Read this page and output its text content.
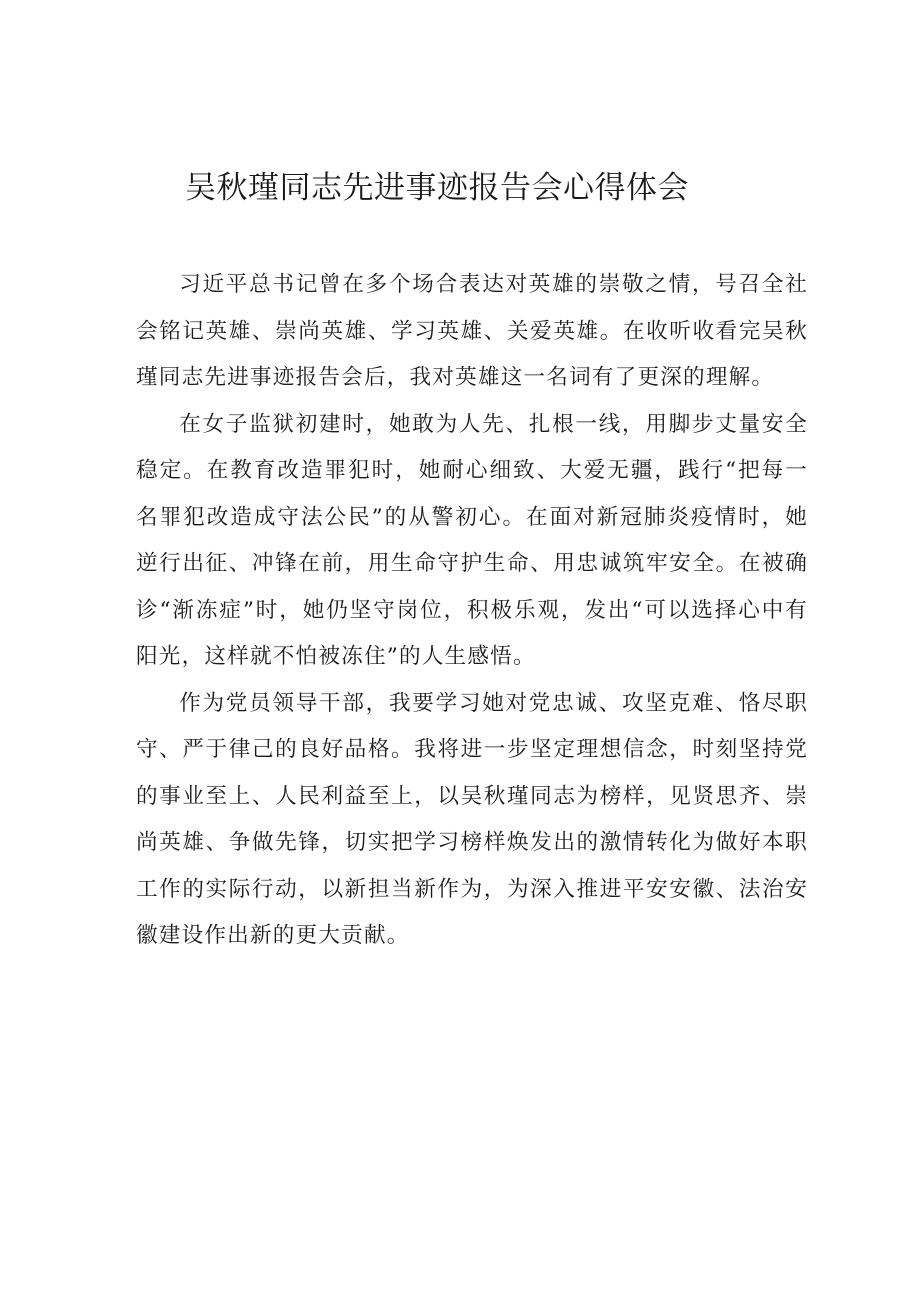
吴秋瑾同志先进事迹报告会心得体会

习近平总书记曾在多个场合表达对英雄的崇敬之情，号召全社会铭记英雄、崇尚英雄、学习英雄、关爱英雄。在收听收看完吴秋瑾同志先进事迹报告会后，我对英雄这一名词有了更深的理解。

在女子监狱初建时，她敢为人先、扎根一线，用脚步丈量安全稳定。在教育改造罪犯时，她耐心细致、大爱无疆，践行“把每一名罪犯改造成守法公民”的从警初心。在面对新冠肺炎疫情时，她逆行出征、冲锋在前，用生命守护生命、用忠诚筑牢安全。在被确诊“渐冻症”时，她仍坚守岗位，积极乐观，发出“可以选择心中有阳光，这样就不怕被冻住”的人生感悟。

作为党员领导干部，我要学习她对党忠诚、攻坚克难、恪尽职守、严于律己的良好品格。我将进一步坚定理想信念，时刻坚持党的事业至上、人民利益至上，以吴秋瑾同志为榜样，见贤思齐、崇尚英雄、争做先锋，切实把学习榜样焕发出的激情转化为做好本职工作的实际行动，以新担当新作为，为深入推进平安安徽、法治安徽建设作出新的更大贡献。
